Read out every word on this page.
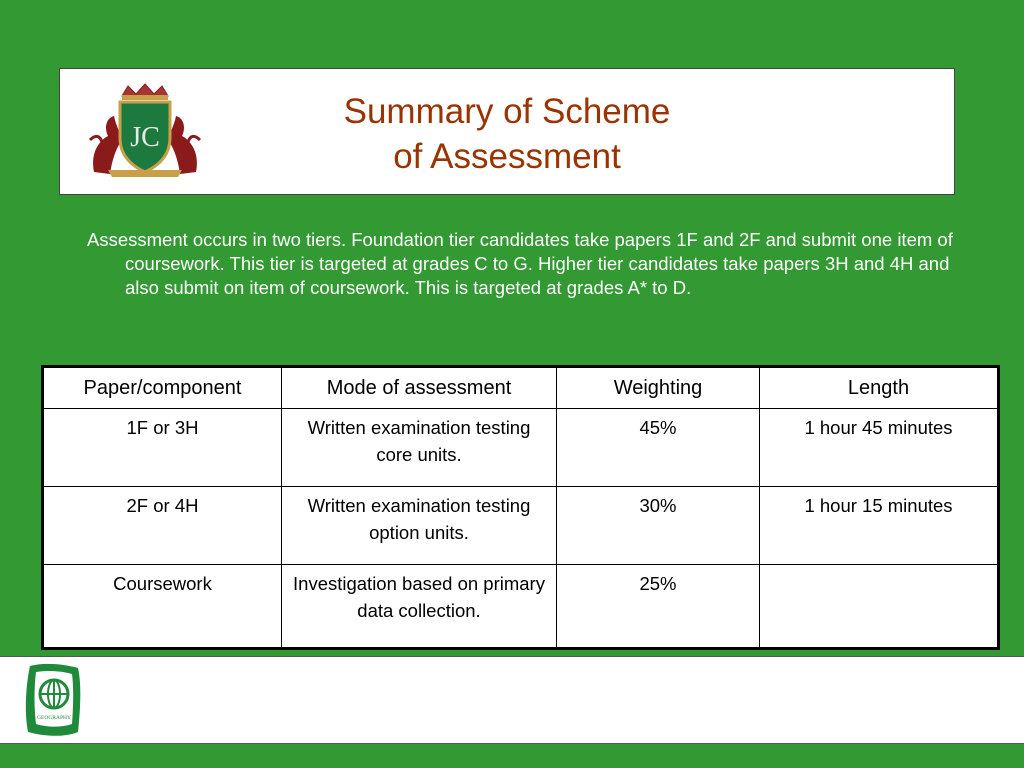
Summary of Scheme
of Assessment
JC
Assessment occurs in two tiers. Foundation tier candidates take papers 1F and 2F and submit one item of coursework. This tier is targeted at grades C to G. Higher tier candidates take papers 3H and 4H and also submit on item of coursework. This is targeted at grades A* to D.
Paper/component	Mode of assessment	Weighting	Length
1F or 3H	Written examination testing core units.	45%	1 hour 45 minutes
2F or 4H	Written examination testing option units.	30%	1 hour 15 minutes
Coursework	Investigation based on primary data collection.	25%	
GEOGRAPHY
